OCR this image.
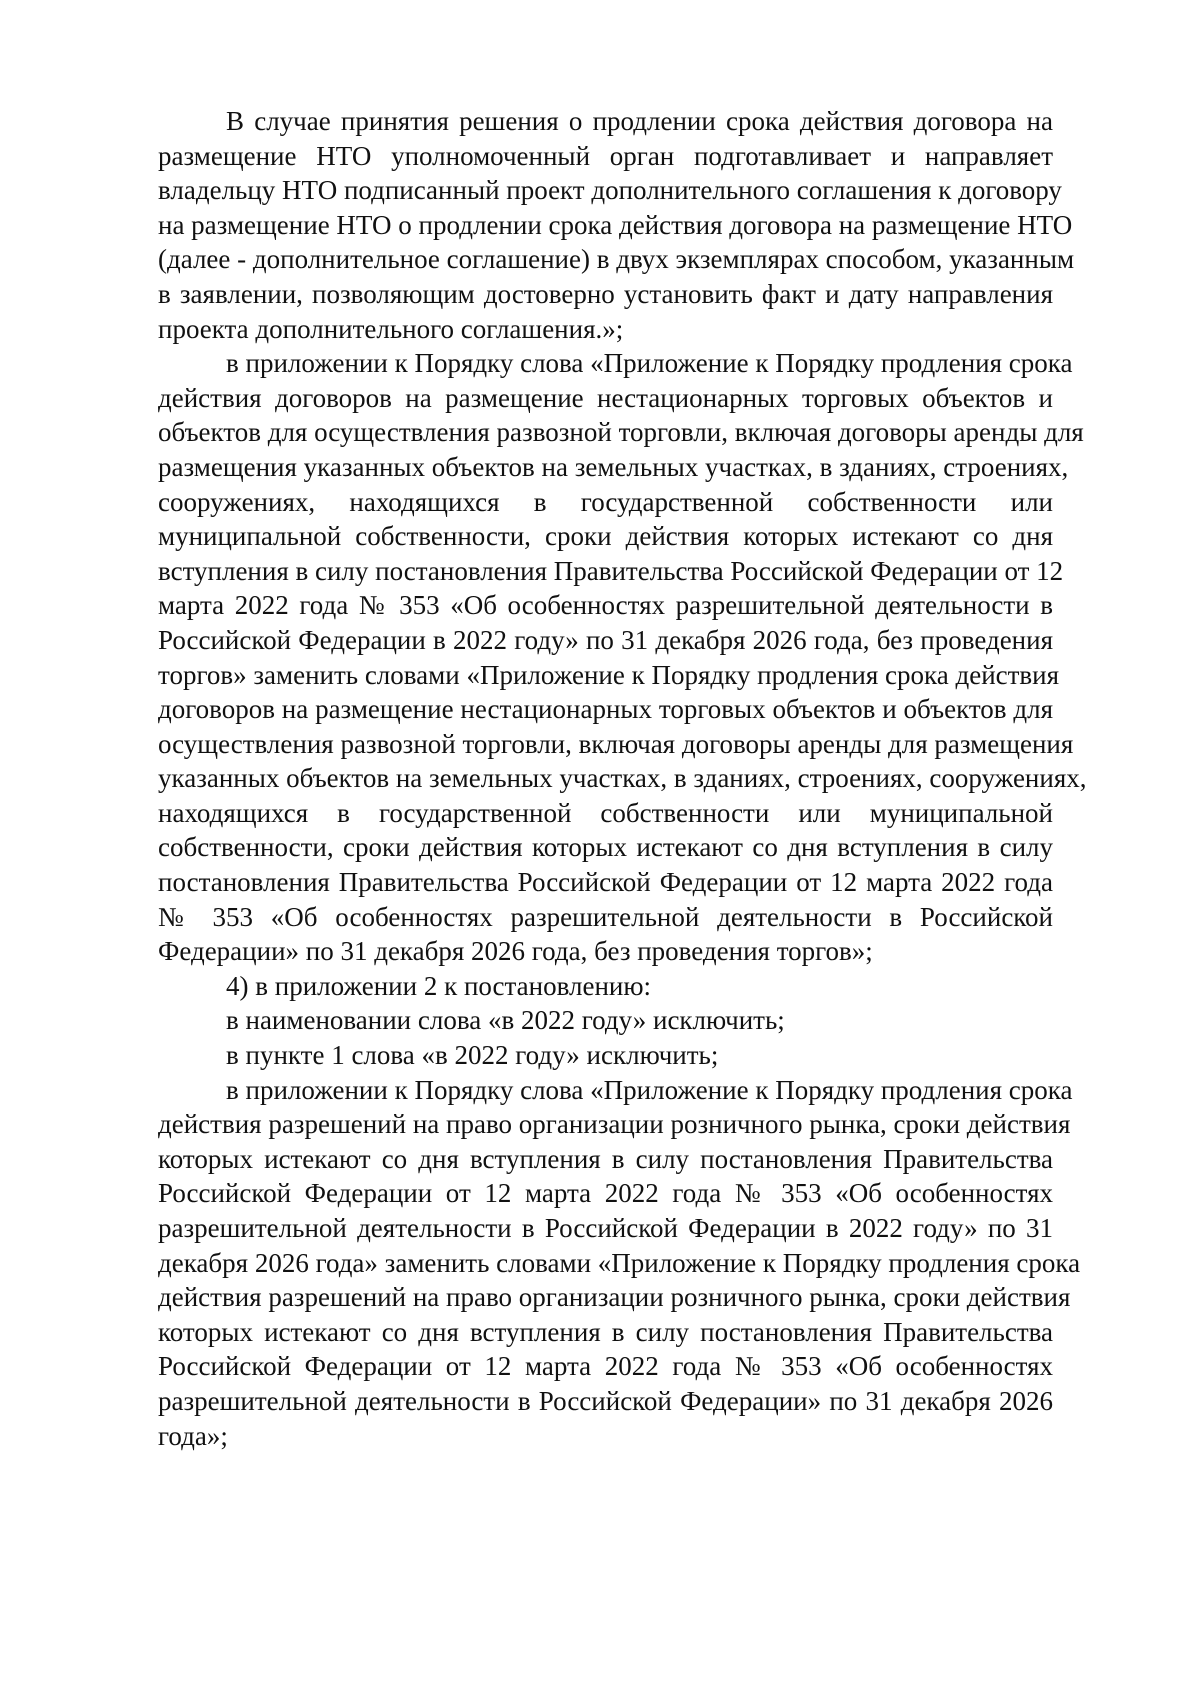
В случае принятия решения о продлении срока действия договора на
размещение НТО уполномоченный орган подготавливает и направляет
владельцу НТО подписанный проект дополнительного соглашения к договору
на размещение НТО о продлении срока действия договора на размещение НТО
(далее - дополнительное соглашение) в двух экземплярах способом, указанным
в заявлении, позволяющим достоверно установить факт и дату направления
проекта дополнительного соглашения.»;
в приложении к Порядку слова «Приложение к Порядку продления срока
действия договоров на размещение нестационарных торговых объектов и
объектов для осуществления развозной торговли, включая договоры аренды для
размещения указанных объектов на земельных участках, в зданиях, строениях,
сооружениях, находящихся в государственной собственности или
муниципальной собственности, сроки действия которых истекают со дня
вступления в силу постановления Правительства Российской Федерации от 12
марта 2022 года № 353 «Об особенностях разрешительной деятельности в
Российской Федерации в 2022 году» по 31 декабря 2026 года, без проведения
торгов» заменить словами «Приложение к Порядку продления срока действия
договоров на размещение нестационарных торговых объектов и объектов для
осуществления развозной торговли, включая договоры аренды для размещения
указанных объектов на земельных участках, в зданиях, строениях, сооружениях,
находящихся в государственной собственности или муниципальной
собственности, сроки действия которых истекают со дня вступления в силу
постановления Правительства Российской Федерации от 12 марта 2022 года
№ 353 «Об особенностях разрешительной деятельности в Российской
Федерации» по 31 декабря 2026 года, без проведения торгов»;
4) в приложении 2 к постановлению:
в наименовании слова «в 2022 году» исключить;
в пункте 1 слова «в 2022 году» исключить;
в приложении к Порядку слова «Приложение к Порядку продления срока
действия разрешений на право организации розничного рынка, сроки действия
которых истекают со дня вступления в силу постановления Правительства
Российской Федерации от 12 марта 2022 года № 353 «Об особенностях
разрешительной деятельности в Российской Федерации в 2022 году» по 31
декабря 2026 года» заменить словами «Приложение к Порядку продления срока
действия разрешений на право организации розничного рынка, сроки действия
которых истекают со дня вступления в силу постановления Правительства
Российской Федерации от 12 марта 2022 года № 353 «Об особенностях
разрешительной деятельности в Российской Федерации» по 31 декабря 2026
года»;
